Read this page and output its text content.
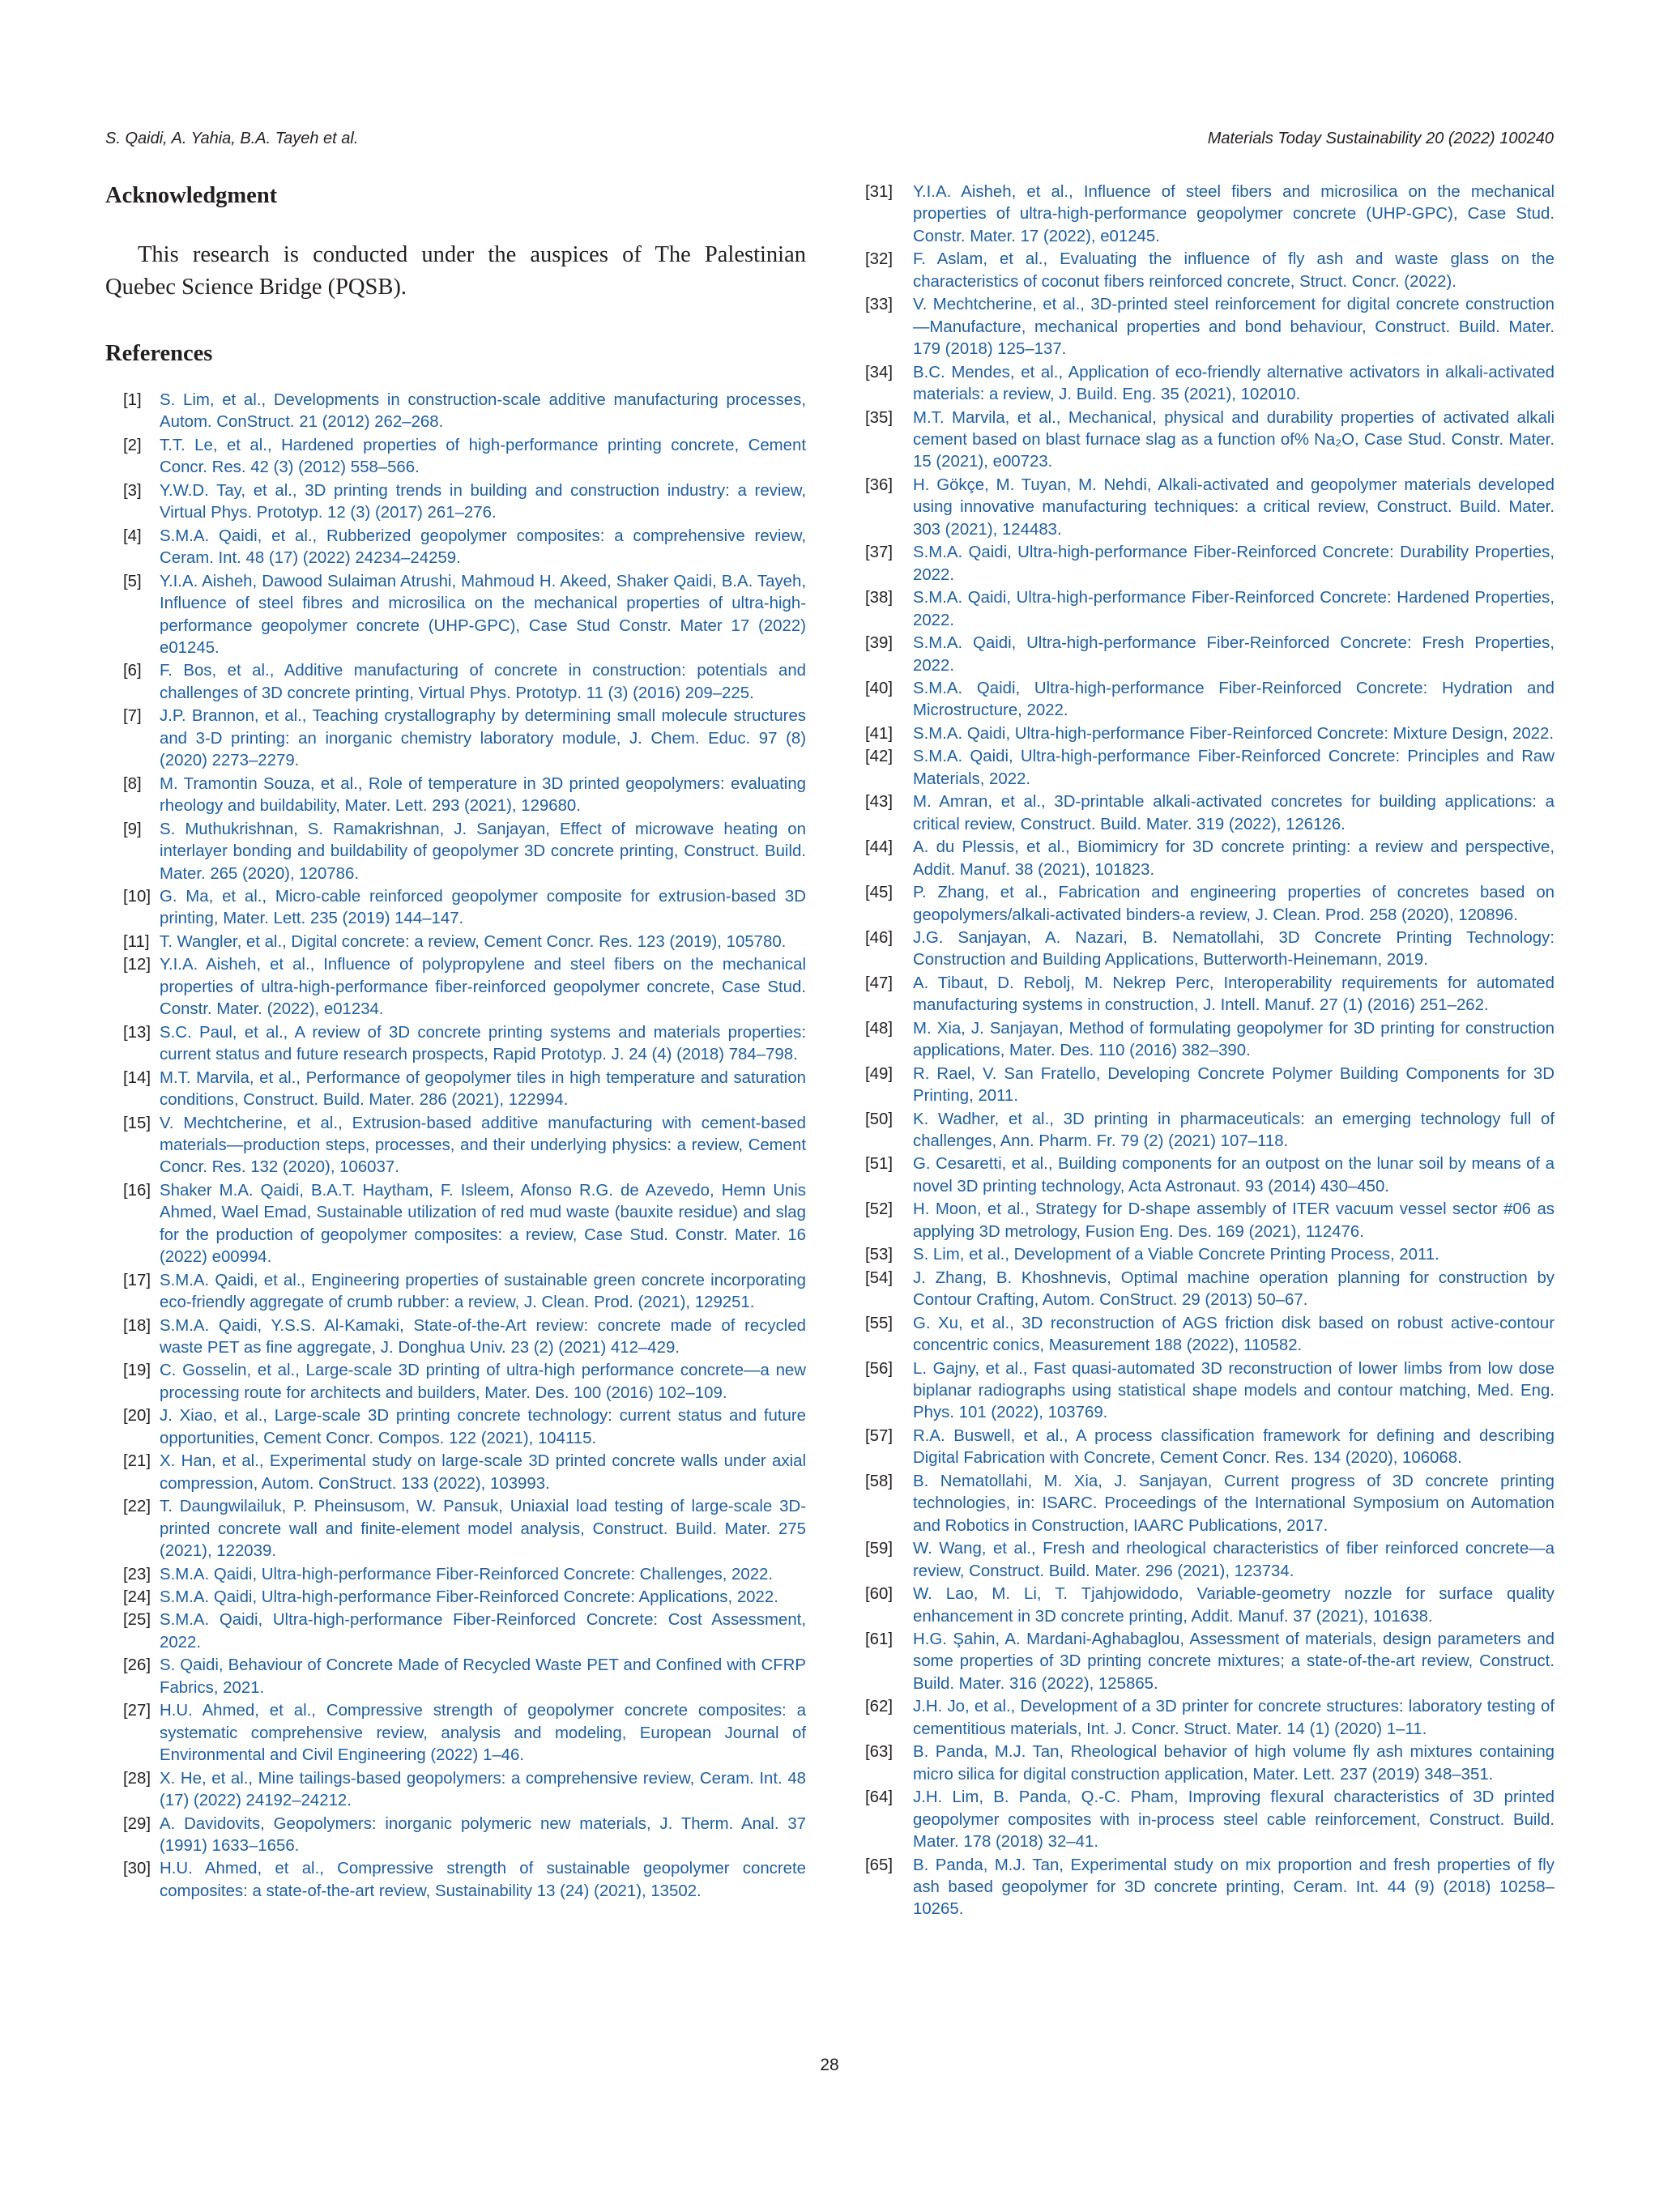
S. Qaidi, A. Yahia, B.A. Tayeh et al.	Materials Today Sustainability 20 (2022) 100240
Acknowledgment

This research is conducted under the auspices of The Palestinian Quebec Science Bridge (PQSB).

References
[1] S. Lim, et al., Developments in construction-scale additive manufacturing processes, Autom. ConStruct. 21 (2012) 262–268.
[2] T.T. Le, et al., Hardened properties of high-performance printing concrete, Cement Concr. Res. 42 (3) (2012) 558–566.
[3] Y.W.D. Tay, et al., 3D printing trends in building and construction industry: a review, Virtual Phys. Prototyp. 12 (3) (2017) 261–276.
[4] S.M.A. Qaidi, et al., Rubberized geopolymer composites: a comprehensive review, Ceram. Int. 48 (17) (2022) 24234–24259.
[5] Y.I.A. Aisheh, Dawood Sulaiman Atrushi, Mahmoud H. Akeed, Shaker Qaidi, B.A. Tayeh, Influence of steel fibres and microsilica on the mechanical properties of ultra-high-performance geopolymer concrete (UHP-GPC), Case Stud Constr. Mater 17 (2022) e01245.
[6] F. Bos, et al., Additive manufacturing of concrete in construction: potentials and challenges of 3D concrete printing, Virtual Phys. Prototyp. 11 (3) (2016) 209–225.
[7] J.P. Brannon, et al., Teaching crystallography by determining small molecule structures and 3-D printing: an inorganic chemistry laboratory module, J. Chem. Educ. 97 (8) (2020) 2273–2279.
[8] M. Tramontin Souza, et al., Role of temperature in 3D printed geopolymers: evaluating rheology and buildability, Mater. Lett. 293 (2021), 129680.
[9] S. Muthukrishnan, S. Ramakrishnan, J. Sanjayan, Effect of microwave heating on interlayer bonding and buildability of geopolymer 3D concrete printing, Construct. Build. Mater. 265 (2020), 120786.
[10] G. Ma, et al., Micro-cable reinforced geopolymer composite for extrusion-based 3D printing, Mater. Lett. 235 (2019) 144–147.
[11] T. Wangler, et al., Digital concrete: a review, Cement Concr. Res. 123 (2019), 105780.
[12] Y.I.A. Aisheh, et al., Influence of polypropylene and steel fibers on the mechanical properties of ultra-high-performance fiber-reinforced geopolymer concrete, Case Stud. Constr. Mater. (2022), e01234.
[13] S.C. Paul, et al., A review of 3D concrete printing systems and materials properties: current status and future research prospects, Rapid Prototyp. J. 24 (4) (2018) 784–798.
[14] M.T. Marvila, et al., Performance of geopolymer tiles in high temperature and saturation conditions, Construct. Build. Mater. 286 (2021), 122994.
[15] V. Mechtcherine, et al., Extrusion-based additive manufacturing with cement-based materials—production steps, processes, and their underlying physics: a review, Cement Concr. Res. 132 (2020), 106037.
[16] Shaker M.A. Qaidi, B.A.T. Haytham, F. Isleem, Afonso R.G. de Azevedo, Hemn Unis Ahmed, Wael Emad, Sustainable utilization of red mud waste (bauxite residue) and slag for the production of geopolymer composites: a review, Case Stud. Constr. Mater. 16 (2022) e00994.
[17] S.M.A. Qaidi, et al., Engineering properties of sustainable green concrete incorporating eco-friendly aggregate of crumb rubber: a review, J. Clean. Prod. (2021), 129251.
[18] S.M.A. Qaidi, Y.S.S. Al-Kamaki, State-of-the-Art review: concrete made of recycled waste PET as fine aggregate, J. Donghua Univ. 23 (2) (2021) 412–429.
[19] C. Gosselin, et al., Large-scale 3D printing of ultra-high performance concrete—a new processing route for architects and builders, Mater. Des. 100 (2016) 102–109.
[20] J. Xiao, et al., Large-scale 3D printing concrete technology: current status and future opportunities, Cement Concr. Compos. 122 (2021), 104115.
[21] X. Han, et al., Experimental study on large-scale 3D printed concrete walls under axial compression, Autom. ConStruct. 133 (2022), 103993.
[22] T. Daungwilailuk, P. Pheinsusom, W. Pansuk, Uniaxial load testing of large-scale 3D-printed concrete wall and finite-element model analysis, Construct. Build. Mater. 275 (2021), 122039.
[23] S.M.A. Qaidi, Ultra-high-performance Fiber-Reinforced Concrete: Challenges, 2022.
[24] S.M.A. Qaidi, Ultra-high-performance Fiber-Reinforced Concrete: Applications, 2022.
[25] S.M.A. Qaidi, Ultra-high-performance Fiber-Reinforced Concrete: Cost Assessment, 2022.
[26] S. Qaidi, Behaviour of Concrete Made of Recycled Waste PET and Confined with CFRP Fabrics, 2021.
[27] H.U. Ahmed, et al., Compressive strength of geopolymer concrete composites: a systematic comprehensive review, analysis and modeling, European Journal of Environmental and Civil Engineering (2022) 1–46.
[28] X. He, et al., Mine tailings-based geopolymers: a comprehensive review, Ceram. Int. 48 (17) (2022) 24192–24212.
[29] A. Davidovits, Geopolymers: inorganic polymeric new materials, J. Therm. Anal. 37 (1991) 1633–1656.
[30] H.U. Ahmed, et al., Compressive strength of sustainable geopolymer concrete composites: a state-of-the-art review, Sustainability 13 (24) (2021), 13502.
[31] Y.I.A. Aisheh, et al., Influence of steel fibers and microsilica on the mechanical properties of ultra-high-performance geopolymer concrete (UHP-GPC), Case Stud. Constr. Mater. 17 (2022), e01245.
[32] F. Aslam, et al., Evaluating the influence of fly ash and waste glass on the characteristics of coconut fibers reinforced concrete, Struct. Concr. (2022).
[33] V. Mechtcherine, et al., 3D-printed steel reinforcement for digital concrete construction—Manufacture, mechanical properties and bond behaviour, Construct. Build. Mater. 179 (2018) 125–137.
[34] B.C. Mendes, et al., Application of eco-friendly alternative activators in alkali-activated materials: a review, J. Build. Eng. 35 (2021), 102010.
[35] M.T. Marvila, et al., Mechanical, physical and durability properties of activated alkali cement based on blast furnace slag as a function of% Na₂O, Case Stud. Constr. Mater. 15 (2021), e00723.
[36] H. Gökçe, M. Tuyan, M. Nehdi, Alkali-activated and geopolymer materials developed using innovative manufacturing techniques: a critical review, Construct. Build. Mater. 303 (2021), 124483.
[37] S.M.A. Qaidi, Ultra-high-performance Fiber-Reinforced Concrete: Durability Properties, 2022.
[38] S.M.A. Qaidi, Ultra-high-performance Fiber-Reinforced Concrete: Hardened Properties, 2022.
[39] S.M.A. Qaidi, Ultra-high-performance Fiber-Reinforced Concrete: Fresh Properties, 2022.
[40] S.M.A. Qaidi, Ultra-high-performance Fiber-Reinforced Concrete: Hydration and Microstructure, 2022.
[41] S.M.A. Qaidi, Ultra-high-performance Fiber-Reinforced Concrete: Mixture Design, 2022.
[42] S.M.A. Qaidi, Ultra-high-performance Fiber-Reinforced Concrete: Principles and Raw Materials, 2022.
[43] M. Amran, et al., 3D-printable alkali-activated concretes for building applications: a critical review, Construct. Build. Mater. 319 (2022), 126126.
[44] A. du Plessis, et al., Biomimicry for 3D concrete printing: a review and perspective, Addit. Manuf. 38 (2021), 101823.
[45] P. Zhang, et al., Fabrication and engineering properties of concretes based on geopolymers/alkali-activated binders-a review, J. Clean. Prod. 258 (2020), 120896.
[46] J.G. Sanjayan, A. Nazari, B. Nematollahi, 3D Concrete Printing Technology: Construction and Building Applications, Butterworth-Heinemann, 2019.
[47] A. Tibaut, D. Rebolj, M. Nekrep Perc, Interoperability requirements for automated manufacturing systems in construction, J. Intell. Manuf. 27 (1) (2016) 251–262.
[48] M. Xia, J. Sanjayan, Method of formulating geopolymer for 3D printing for construction applications, Mater. Des. 110 (2016) 382–390.
[49] R. Rael, V. San Fratello, Developing Concrete Polymer Building Components for 3D Printing, 2011.
[50] K. Wadher, et al., 3D printing in pharmaceuticals: an emerging technology full of challenges, Ann. Pharm. Fr. 79 (2) (2021) 107–118.
[51] G. Cesaretti, et al., Building components for an outpost on the lunar soil by means of a novel 3D printing technology, Acta Astronaut. 93 (2014) 430–450.
[52] H. Moon, et al., Strategy for D-shape assembly of ITER vacuum vessel sector #06 as applying 3D metrology, Fusion Eng. Des. 169 (2021), 112476.
[53] S. Lim, et al., Development of a Viable Concrete Printing Process, 2011.
[54] J. Zhang, B. Khoshnevis, Optimal machine operation planning for construction by Contour Crafting, Autom. ConStruct. 29 (2013) 50–67.
[55] G. Xu, et al., 3D reconstruction of AGS friction disk based on robust active-contour concentric conics, Measurement 188 (2022), 110582.
[56] L. Gajny, et al., Fast quasi-automated 3D reconstruction of lower limbs from low dose biplanar radiographs using statistical shape models and contour matching, Med. Eng. Phys. 101 (2022), 103769.
[57] R.A. Buswell, et al., A process classification framework for defining and describing Digital Fabrication with Concrete, Cement Concr. Res. 134 (2020), 106068.
[58] B. Nematollahi, M. Xia, J. Sanjayan, Current progress of 3D concrete printing technologies, in: ISARC. Proceedings of the International Symposium on Automation and Robotics in Construction, IAARC Publications, 2017.
[59] W. Wang, et al., Fresh and rheological characteristics of fiber reinforced concrete—a review, Construct. Build. Mater. 296 (2021), 123734.
[60] W. Lao, M. Li, T. Tjahjowidodo, Variable-geometry nozzle for surface quality enhancement in 3D concrete printing, Addit. Manuf. 37 (2021), 101638.
[61] H.G. Şahin, A. Mardani-Aghabaglou, Assessment of materials, design parameters and some properties of 3D printing concrete mixtures; a state-of-the-art review, Construct. Build. Mater. 316 (2022), 125865.
[62] J.H. Jo, et al., Development of a 3D printer for concrete structures: laboratory testing of cementitious materials, Int. J. Concr. Struct. Mater. 14 (1) (2020) 1–11.
[63] B. Panda, M.J. Tan, Rheological behavior of high volume fly ash mixtures containing micro silica for digital construction application, Mater. Lett. 237 (2019) 348–351.
[64] J.H. Lim, B. Panda, Q.-C. Pham, Improving flexural characteristics of 3D printed geopolymer composites with in-process steel cable reinforcement, Construct. Build. Mater. 178 (2018) 32–41.
[65] B. Panda, M.J. Tan, Experimental study on mix proportion and fresh properties of fly ash based geopolymer for 3D concrete printing, Ceram. Int. 44 (9) (2018) 10258–10265.
28
